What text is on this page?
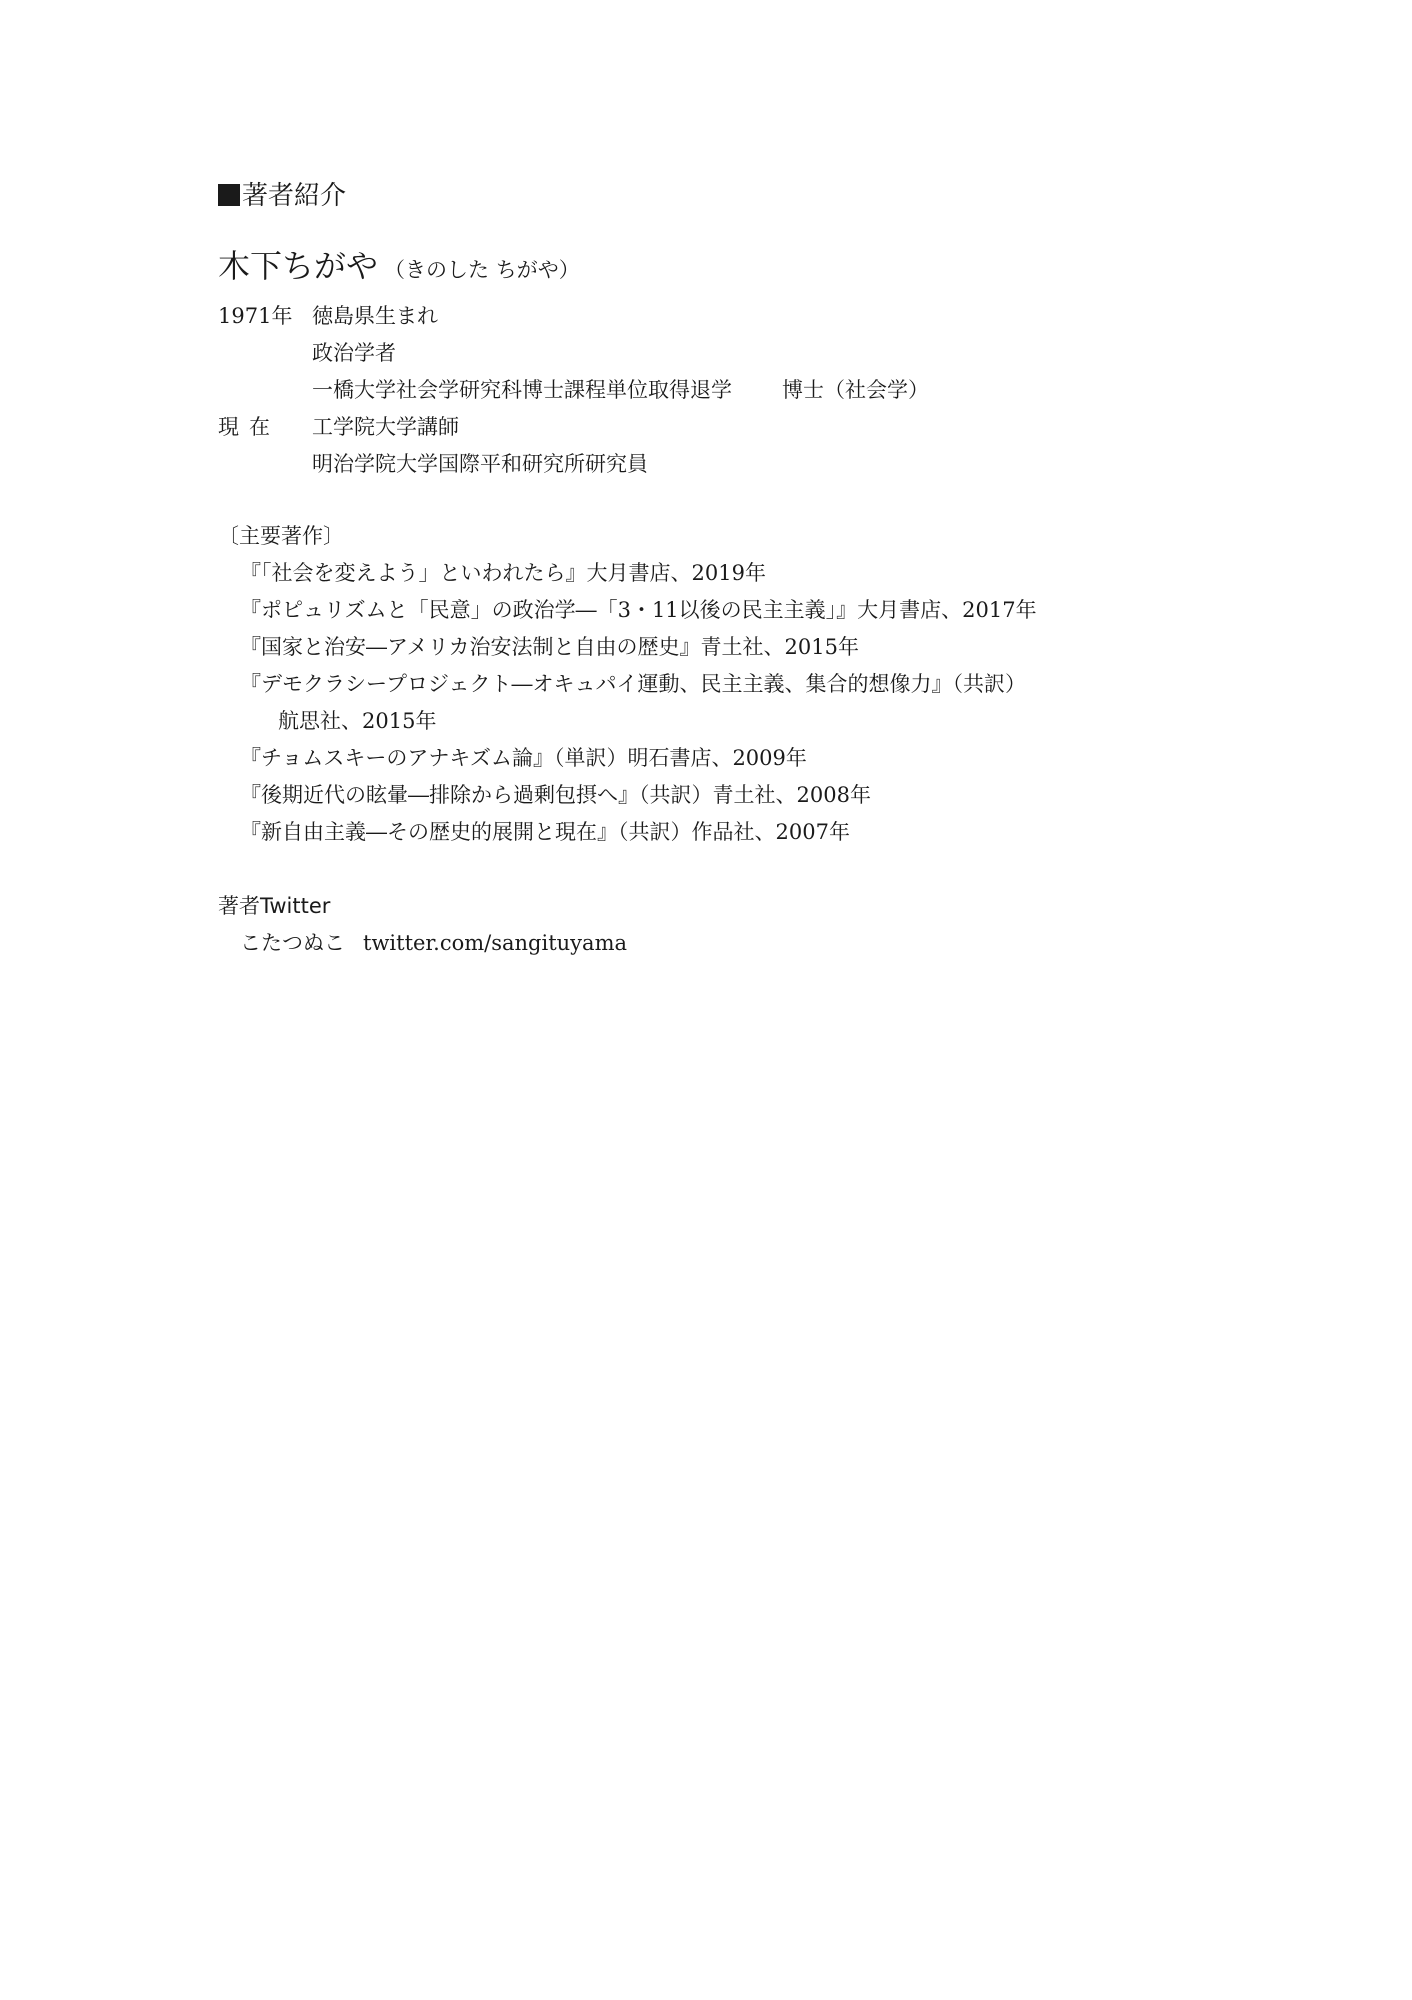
著者紹介
木下ちがや （きのした ちがや）
1971年 徳島県生まれ
政治学者
一橋大学社会学研究科博士課程単位取得退学 博士（社会学）
現在	工学院大学講師
明治学院大学国際平和研究所研究員
〔主要著作〕
『「社会を変えよう」といわれたら』大月書店、2019年
『ポピュリズムと「民意」の政治学―「3・11以後の民主主義」』大月書店、2017年
『国家と治安―アメリカ治安法制と自由の歴史』青土社、2015年
『デモクラシープロジェクト―オキュパイ運動、民主主義、集合的想像力』（共訳）
航思社、2015年
『チョムスキーのアナキズム論』（単訳）明石書店、2009年
『後期近代の眩暈―排除から過剰包摂へ』（共訳）青土社、2008年
『新自由主義―その歴史的展開と現在』（共訳）作品社、2007年
著者Twitter
こたつぬこ twitter.com/sangituyama
